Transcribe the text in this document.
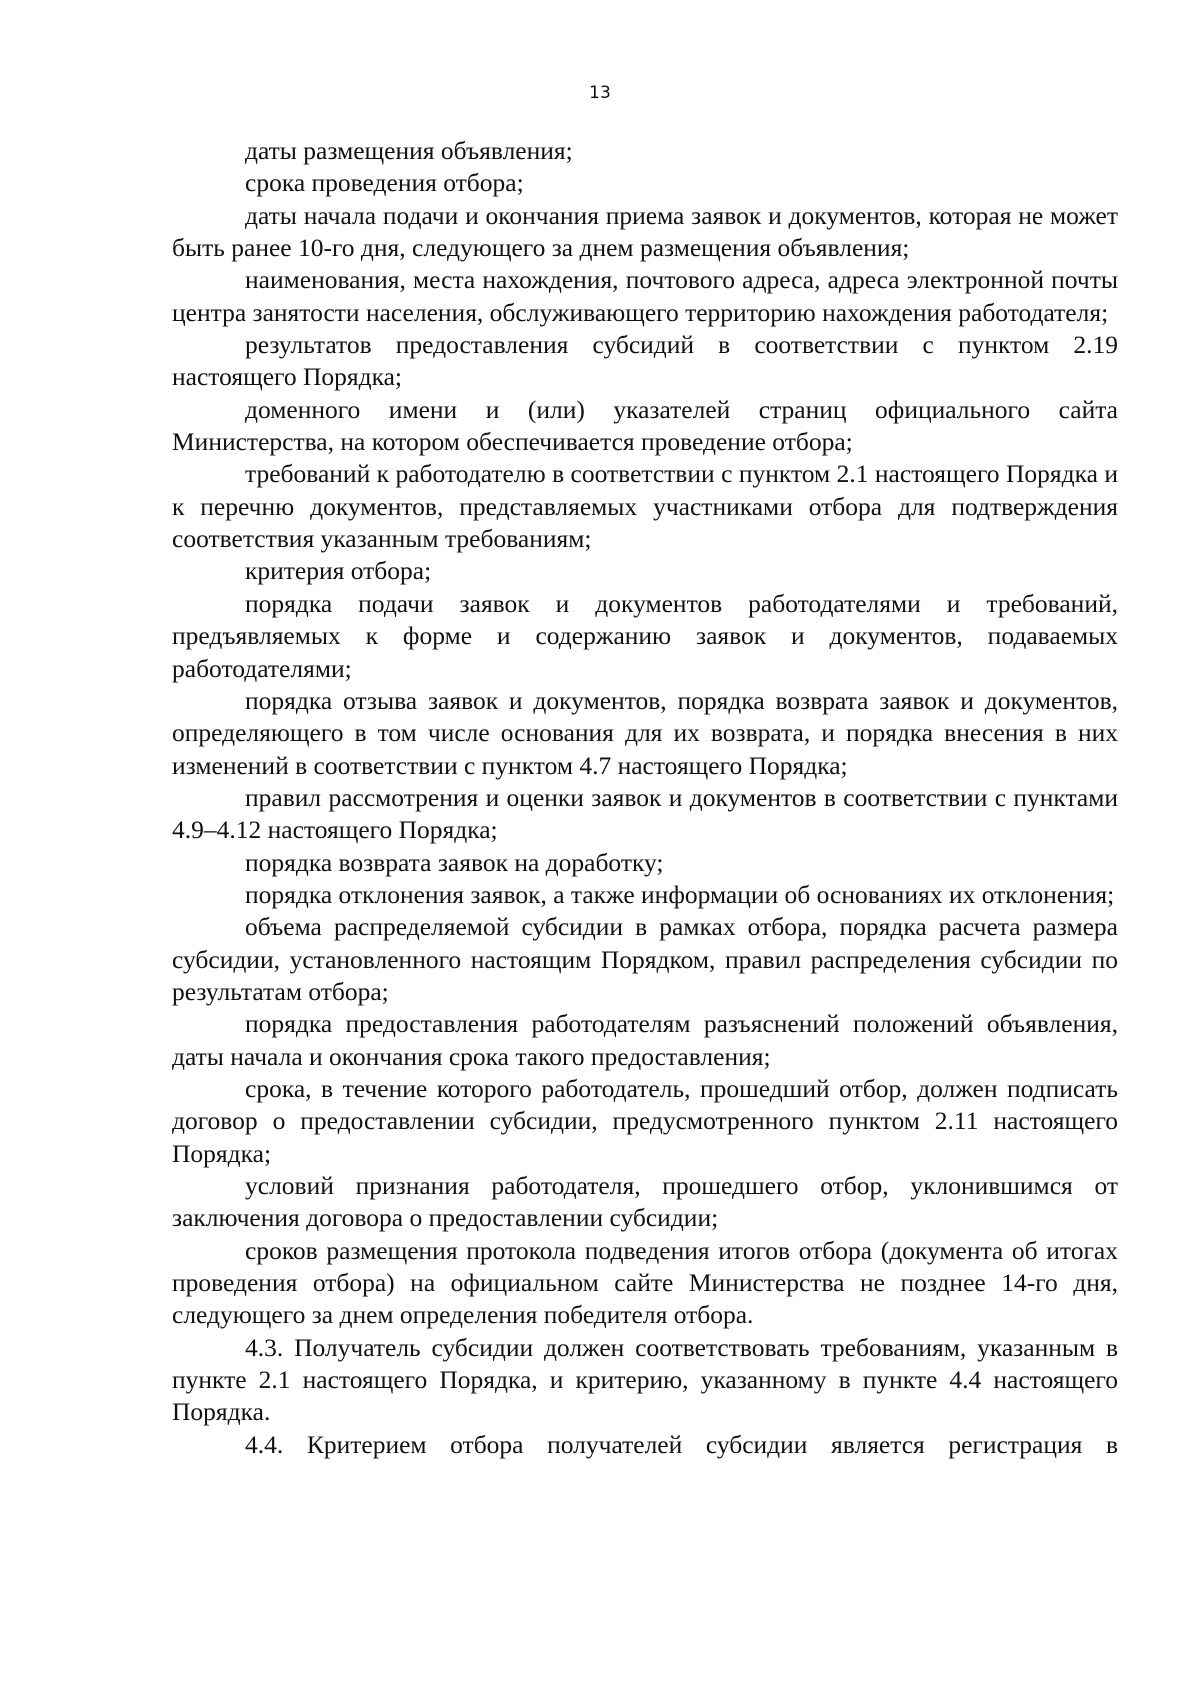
13

даты размещения объявления;

срока проведения отбора;

даты начала подачи и окончания приема заявок и документов, которая не может быть ранее 10-го дня, следующего за днем размещения объявления;

наименования, места нахождения, почтового адреса, адреса электронной почты центра занятости населения, обслуживающего территорию нахождения работодателя;

результатов предоставления субсидий в соответствии с пунктом 2.19 настоящего Порядка;

доменного имени и (или) указателей страниц официального сайта Министерства, на котором обеспечивается проведение отбора;

требований к работодателю в соответствии с пунктом 2.1 настоящего Порядка и к перечню документов, представляемых участниками отбора для подтверждения соответствия указанным требованиям;

критерия отбора;

порядка подачи заявок и документов работодателями и требований, предъявляемых к форме и содержанию заявок и документов, подаваемых работодателями;

порядка отзыва заявок и документов, порядка возврата заявок и документов, определяющего в том числе основания для их возврата, и порядка внесения в них изменений в соответствии с пунктом 4.7 настоящего Порядка;

правил рассмотрения и оценки заявок и документов в соответствии с пунктами 4.9–4.12 настоящего Порядка;

порядка возврата заявок на доработку;

порядка отклонения заявок, а также информации об основаниях их отклонения;

объема распределяемой субсидии в рамках отбора, порядка расчета размера субсидии, установленного настоящим Порядком, правил распределения субсидии по результатам отбора;

порядка предоставления работодателям разъяснений положений объявления, даты начала и окончания срока такого предоставления;

срока, в течение которого работодатель, прошедший отбор, должен подписать договор о предоставлении субсидии, предусмотренного пунктом 2.11 настоящего Порядка;

условий признания работодателя, прошедшего отбор, уклонившимся от заключения договора о предоставлении субсидии;

сроков размещения протокола подведения итогов отбора (документа об итогах проведения отбора) на официальном сайте Министерства не позднее 14-го дня, следующего за днем определения победителя отбора.

4.3. Получатель субсидии должен соответствовать требованиям, указанным в пункте 2.1 настоящего Порядка, и критерию, указанному в пункте 4.4 настоящего Порядка.

4.4. Критерием отбора получателей субсидии является регистрация в
